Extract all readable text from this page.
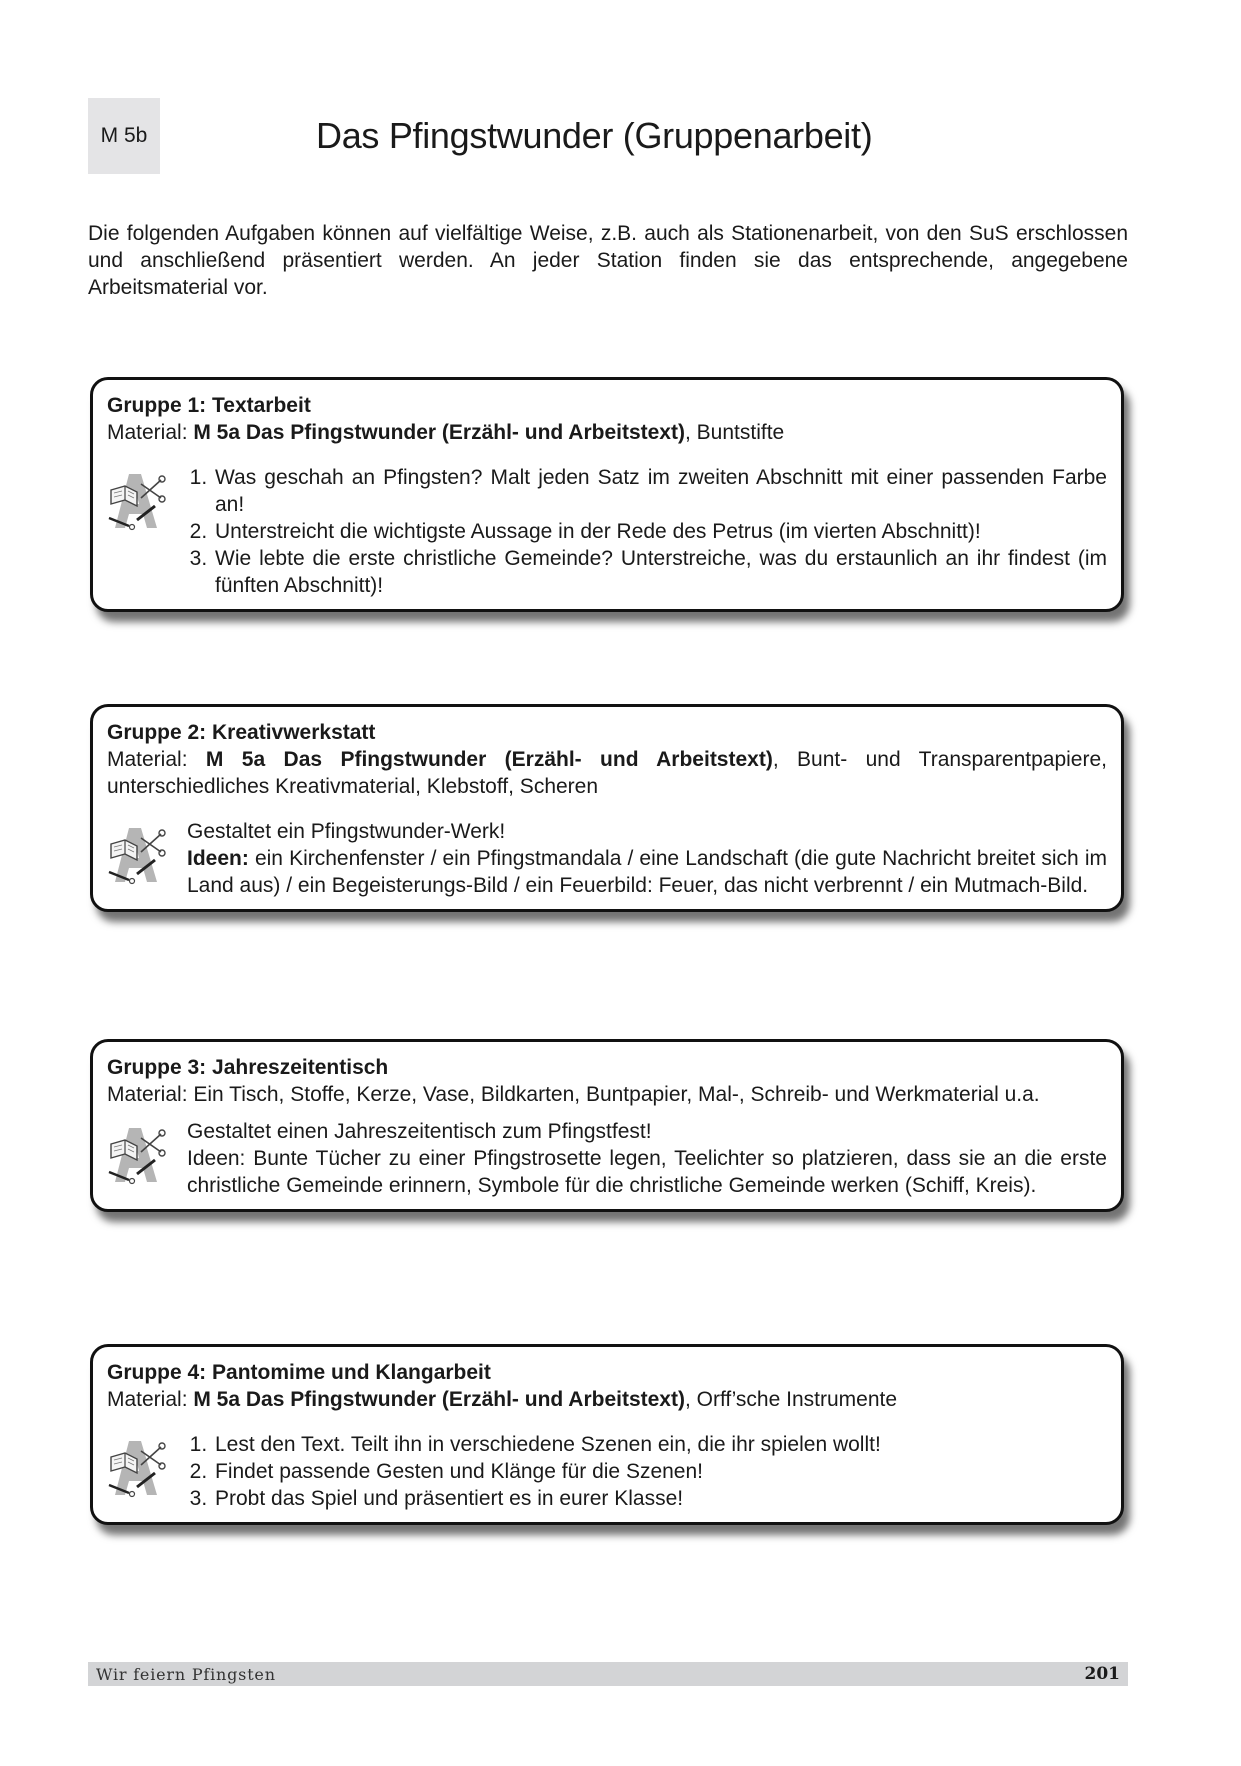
M 5b	Das Pfingstwunder (Gruppenarbeit)
Die folgenden Aufgaben können auf vielfältige Weise, z.B. auch als Stationenarbeit, von den SuS erschlossen und anschließend präsentiert werden. An jeder Station finden sie das entsprechende, angegebene Arbeitsmaterial vor.
Gruppe 1: Textarbeit

Material: M 5a Das Pfingstwunder (Erzähl- und Arbeitstext), Buntstifte

1. Was geschah an Pfingsten? Malt jeden Satz im zweiten Abschnitt mit einer passenden Farbe an!
2. Unterstreicht die wichtigste Aussage in der Rede des Petrus (im vierten Abschnitt)!
3. Wie lebte die erste christliche Gemeinde? Unterstreiche, was du erstaunlich an ihr findest (im fünften Abschnitt)!
Gruppe 2: Kreativwerkstatt

Material: M 5a Das Pfingstwunder (Erzähl- und Arbeitstext), Bunt- und Transparentpapiere, unterschiedliches Kreativmaterial, Klebstoff, Scheren

Gestaltet ein Pfingstwunder-Werk!
Ideen: ein Kirchenfenster / ein Pfingstmandala / eine Landschaft (die gute Nachricht breitet sich im Land aus) / ein Begeisterungs-Bild / ein Feuerbild: Feuer, das nicht verbrennt / ein Mutmach-Bild.
Gruppe 3: Jahreszeitentisch

Material: Ein Tisch, Stoffe, Kerze, Vase, Bildkarten, Buntpapier, Mal-, Schreib- und Werkmaterial u.a.

Gestaltet einen Jahreszeitentisch zum Pfingstfest!
Ideen: Bunte Tücher zu einer Pfingstrosette legen, Teelichter so platzieren, dass sie an die erste christliche Gemeinde erinnern, Symbole für die christliche Gemeinde werken (Schiff, Kreis).
Gruppe 4: Pantomime und Klangarbeit

Material: M 5a Das Pfingstwunder (Erzähl- und Arbeitstext), Orff’sche Instrumente

1. Lest den Text. Teilt ihn in verschiedene Szenen ein, die ihr spielen wollt!
2. Findet passende Gesten und Klänge für die Szenen!
3. Probt das Spiel und präsentiert es in eurer Klasse!
Wir feiern Pfingsten	201
